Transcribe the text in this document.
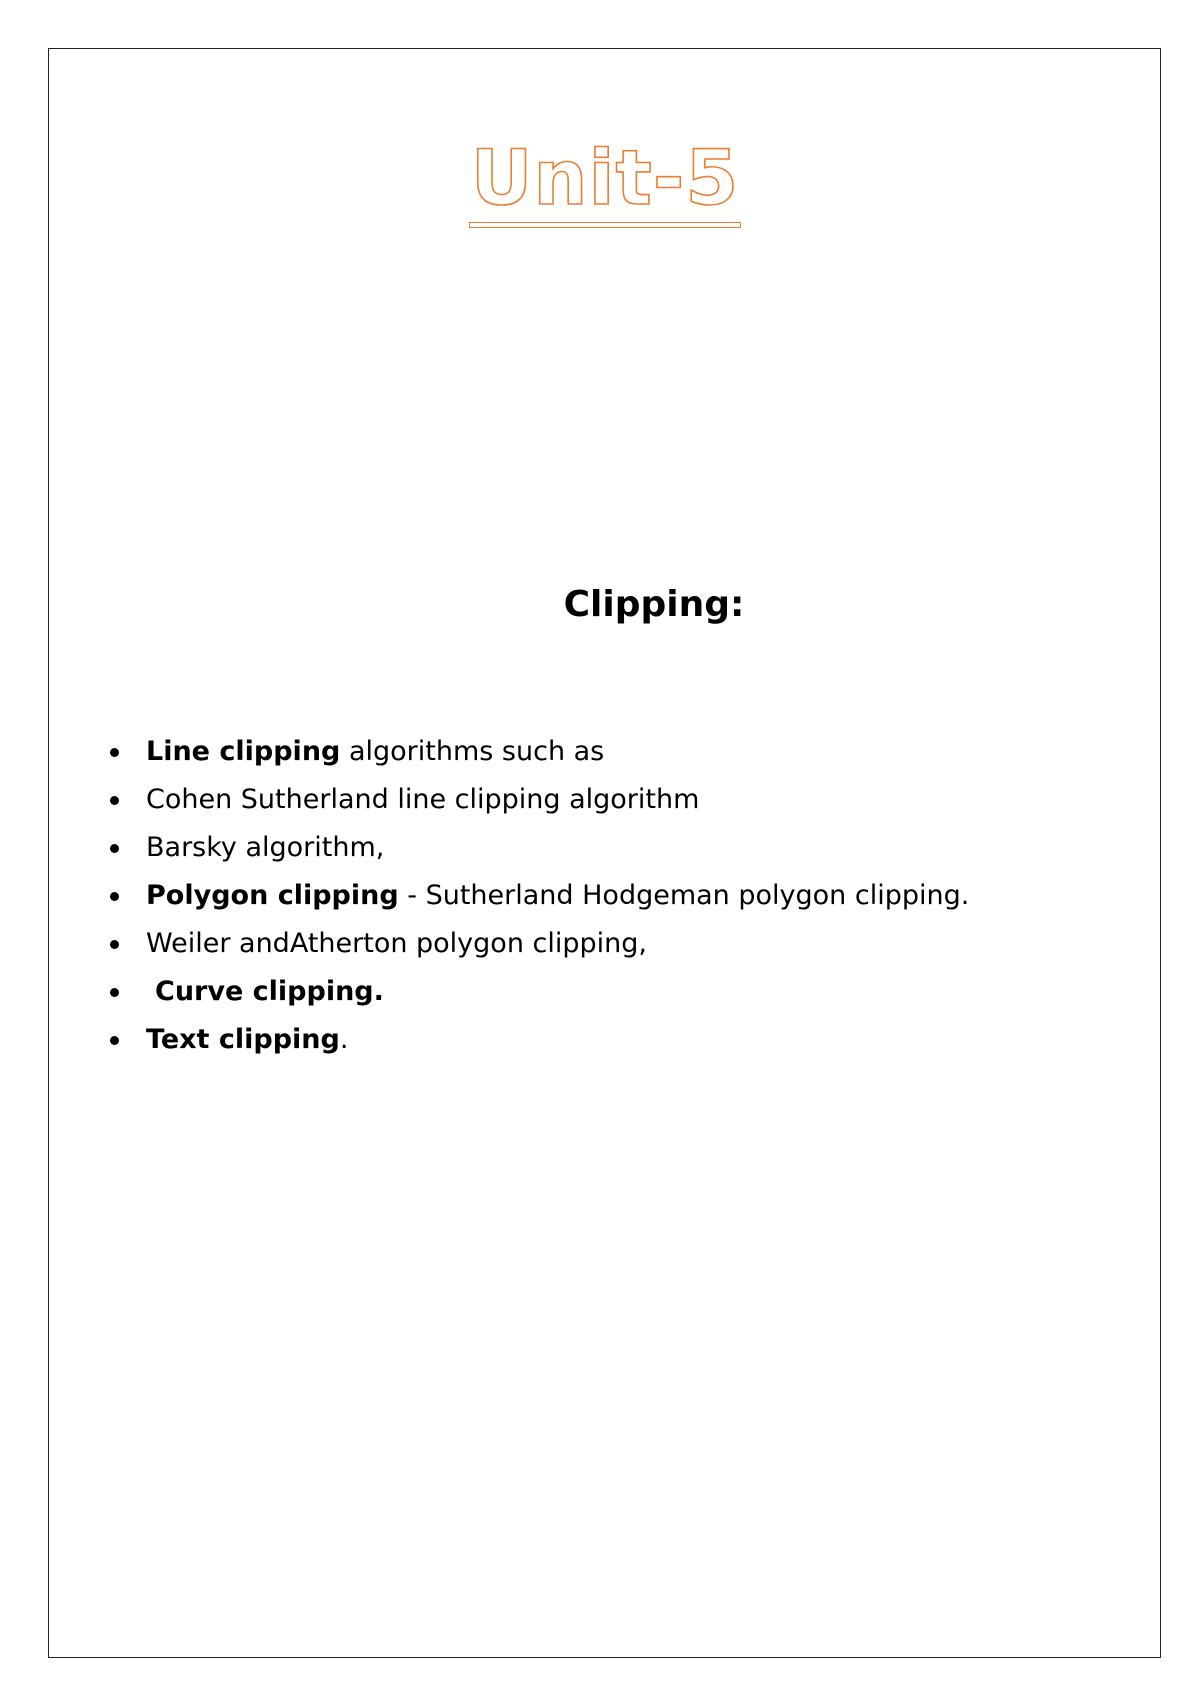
Unit-5
Clipping:
Line clipping algorithms such as
Cohen Sutherland line clipping algorithm
Barsky algorithm,
Polygon clipping - Sutherland Hodgeman polygon clipping.
Weiler andAtherton polygon clipping,
Curve clipping.
Text clipping.
